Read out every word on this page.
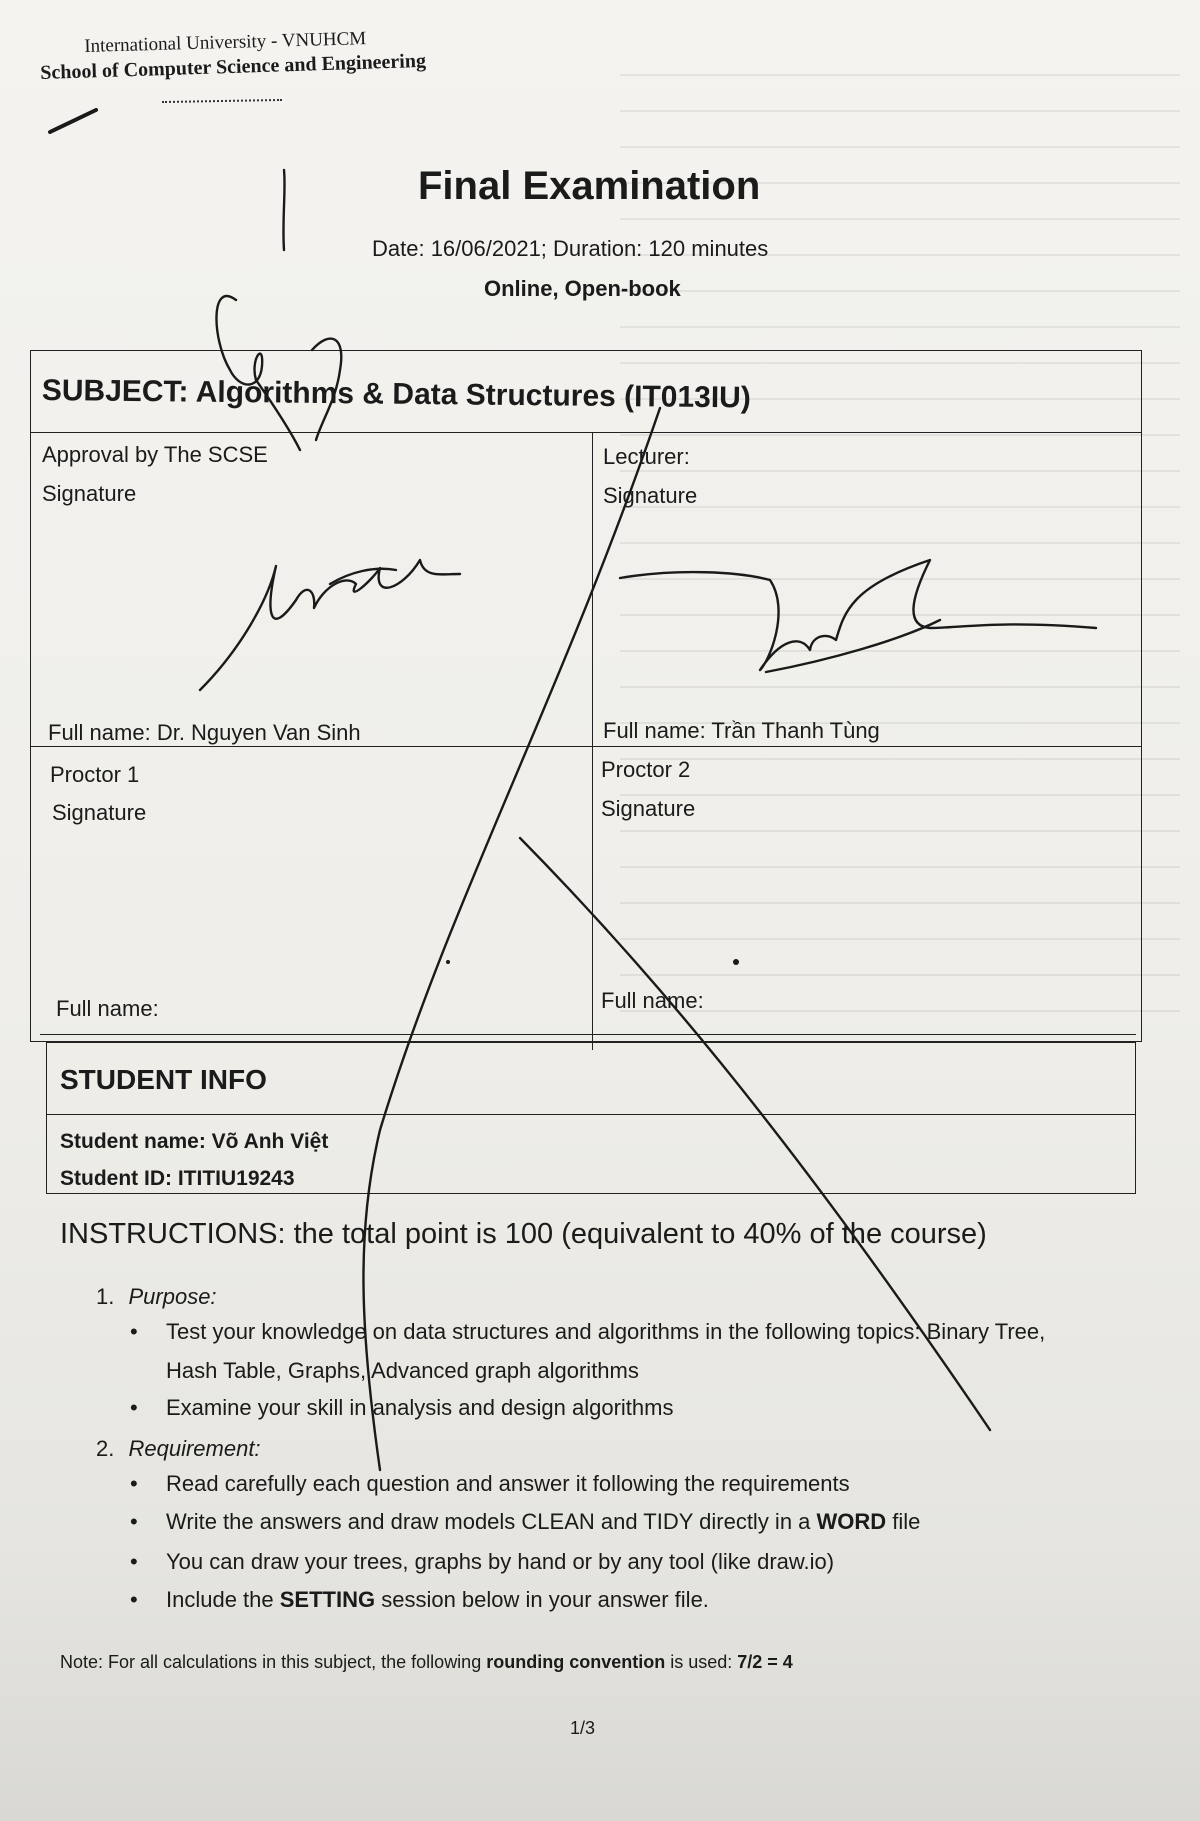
International University - VNUHCM
School of Computer Science and Engineering
Final Examination
Date: 16/06/2021; Duration: 120 minutes
Online, Open-book
SUBJECT: Algorithms & Data Structures (IT013IU)
Approval by The SCSE
Signature
Full name: Dr. Nguyen Van Sinh
Lecturer:
Signature
Full name: Trần Thanh Tùng
Proctor 1
Signature
Full name:
Proctor 2
Signature
Full name:
STUDENT INFO
Student name: Võ Anh Việt
Student ID: ITITIU19243
INSTRUCTIONS: the total point is 100 (equivalent to 40% of the course)
1. Purpose:
• Test your knowledge on data structures and algorithms in the following topics: Binary Tree,
Hash Table, Graphs, Advanced graph algorithms
• Examine your skill in analysis and design algorithms
2. Requirement:
• Read carefully each question and answer it following the requirements
• Write the answers and draw models CLEAN and TIDY directly in a WORD file
• You can draw your trees, graphs by hand or by any tool (like draw.io)
• Include the SETTING session below in your answer file.
Note: For all calculations in this subject, the following rounding convention is used: 7/2 = 4
1/3
